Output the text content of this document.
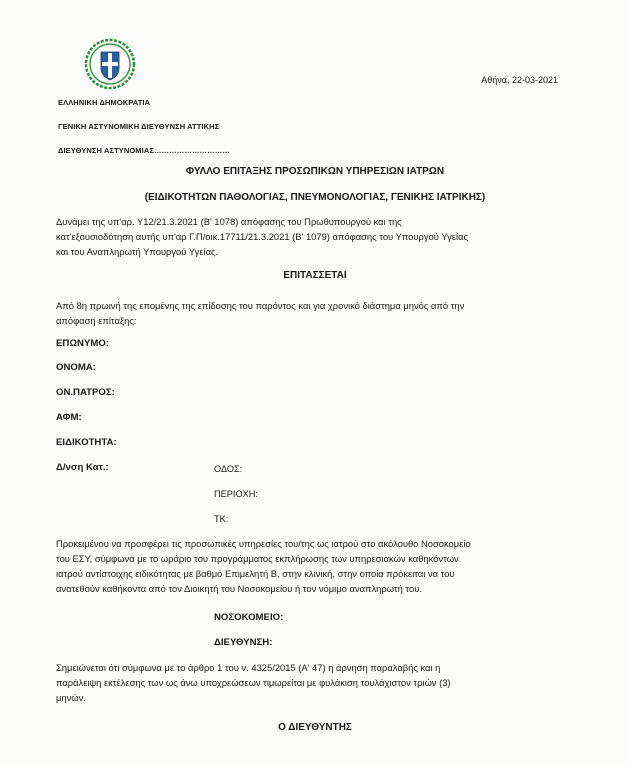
Αθήνα, 22-03-2021
ΕΛΛΗΝΙΚΗ ΔΗΜΟΚΡΑΤΙΑ
ΓΕΝΙΚΗ ΑΣΤΥΝΟΜΙΚΗ ΔΙΕΥΘΥΝΣΗ ΑΤΤΙΚΗΣ
ΔΙΕΥΘΥΝΣΗ ΑΣΤΥΝΟΜΙΑΣ…………………………
ΦΥΛΛΟ ΕΠΙΤΑΞΗΣ ΠΡΟΣΩΠΙΚΩΝ ΥΠΗΡΕΣΙΩΝ ΙΑΤΡΩΝ
(ΕΙΔΙΚΟΤΗΤΩΝ ΠΑΘΟΛΟΓΙΑΣ, ΠΝΕΥΜΟΝΟΛΟΓΙΑΣ, ΓΕΝΙΚΗΣ ΙΑΤΡΙΚΗΣ)
Δυνάμει της υπ'αρ. Υ12/21.3.2021 (Β' 1078) απόφασης του Πρωθυπουργού και της
κατ'εξουσιοδότηση αυτής υπ'αρ Γ.Π/οικ.17711/21.3.2021 (Β' 1079) απόφασης του Υπουργού Υγείας
και του Αναπληρωτή Υπουργού Υγείας.
ΕΠΙΤΑΣΣΕΤΑΙ
Από 8η πρωινή της επομένης της επίδοσης του παρόντος και για χρονικό διάστημα μηνός από την
απόφαση επίταξης:
ΕΠΩΝΥΜΟ:
ΟΝΟΜΑ:
ΟΝ.ΠΑΤΡΟΣ:
ΑΦΜ:
ΕΙΔΙΚΟΤΗΤΑ:
Δ/νση Κατ.:	ΟΔΟΣ:
ΠΕΡΙΟΧΗ:
ΤΚ:
Προκειμένου να προσφέρει τις προσωπικές υπηρεσίες του/της ως ιατρού στο ακόλουθο Νοσοκομείο
του ΕΣΥ, σύμφωνα με το ωράριο του προγράμματος εκπλήρωσης των υπηρεσιακών καθηκόντων
ιατρού αντίστοιχης ειδικότητας με βαθμό Επιμελητή Β, στην κλινική, στην οποία πρόκειται να του
ανατεθούν καθήκοντα από τον Διοικητή του Νοσοκομείου ή τον νόμιμο αναπληρωτή του.
ΝΟΣΟΚΟΜΕΙΟ:
ΔΙΕΥΘΥΝΣΗ:
Σημειώνεται ότι σύμφωνα με το άρθρο 1 του ν. 4325/2015 (Α' 47) η άρνηση παραλαβής και η
παράλειψη εκτέλεσης των ως άνω υποχρεώσεων τιμωρείται με φυλάκιση τουλάχιστον τριών (3)
μηνών.
Ο ΔΙΕΥΘΥΝΤΗΣ
